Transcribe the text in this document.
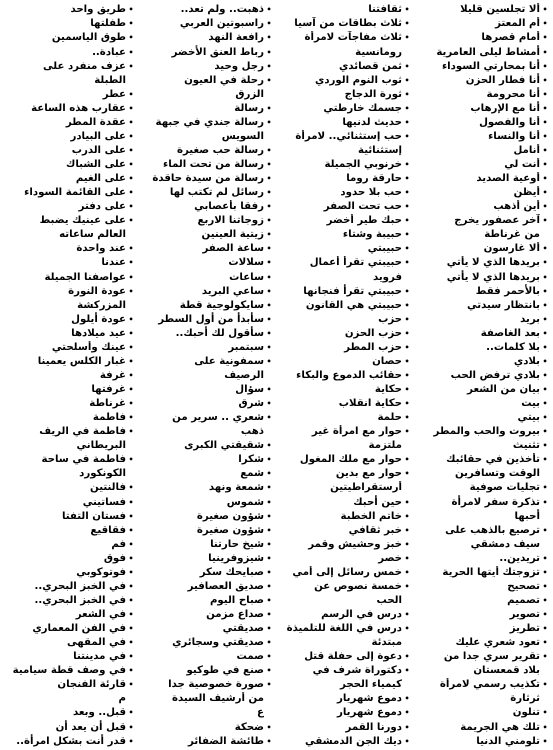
•
ألا تجلسين قليلا
•
أم المعتز
•
أمام قصرها
•
أمشاط ليلى العامرية
•
أنا بمحارتي السوداء
•
أنا فطار الحزن
•
أنا محرومة
•
أنا مع الإرهاب
•
أنا والفصول
•
أنا والنساء
•
أنامل
•
أنت لي
•
أوعية الصديد
•
أيظن
•
أين أذهب
•
آخر عصفور يخرج
من غرناطة
•
ألا غارسون
•
بريدها الذي لا يأتي
•
بريدها الذي لا يأتي
•
بالأحمر فقط
•
بانتظار سيدتي
•
بريد
•
بعد الغاصفة
•
بلا كلمات..
•
بلادي
•
بلادي ترفض الحب
•
بيان من الشعر
•
بيت
•
بيتي
•
بيروت والحب والمطر
•
تثنيث
•
تأخذين في حقائبك
الوقت وتسافرين
•
تجليات صوفية
•
تذكرة سفر لامرأة
أحبها
•
ترصيع بالذهب على
سيف دمشقي
•
تريدين..
•
تزوجتك أيتها الحرية
•
تصحيح
•
تصميم
•
تصوير
•
تطريز
•
تعود شعري عليك
•
تقرير سري جدا من
بلاد قمعستان
•
تكذيب رسمي لامرأة
ثرثارة
•
تنلون
•
تلك هي الجريمة
•
تلومني الدنيا
•
ثقافتنا
•
ثلاث بطاقات من آسيا
•
ثلاث مفاجآت لامرأة
رومانسية
•
ثمن قصائدي
•
ثوب النوم الوردي
•
ثورة الدجاج
•
جسمك خارطتي
•
حديث لدنيها
•
حب إستثنائي.. لامرأة
إستثنائية
•
خرنوبي الجميلة
•
حارقة روما
•
حب بلا حدود
•
حب تحت الصفر
•
حبك طير أخضر
•
حبيبة وشتاء
•
حبيبتي
•
حبيبتي تقرأ أعمال
فرويد
•
حبيبتي تقرأ فنجانها
•
حبيبتي هي القانون
•
حزب
•
حزب الحزن
•
حزب المطر
•
حصان
•
حقائب الدموع والبكاء
•
حكاية
•
حكاية انقلاب
•
حلمة
•
حوار مع امرأة غير
ملتزمة
•
حوار مع ملك المغول
•
حوار مع بدين
أرستقراطيتين
•
حين أحبك
•
خاتم الخطبة
•
خبر ثقافي
•
خبز وحشيش وقمر
•
خصر
•
خمس رسائل إلى أمي
•
خمسة نصوص عن
الحب
•
درس في الرسم
•
درس في اللغة للتلميذة
مبتدئة
•
دعوة إلى حفلة قتل
•
دكتوراة شرف في
كيمياء الحجر
•
دموع شهريار
•
دموع شهريار
•
دورنا القمر
•
ديك الجن الدمشقي
•
ذهبت.. ولم تعد..
•
راسبوتين العربي
•
رافعة النهد
•
رباط العنق الأخضر
•
رجل وحيد
•
رحلة في العيون
الزرق
•
رسالة
•
رسالة جندي في جبهة
السويس
•
رسالة حب صغيرة
•
رسالة من تحت الماء
•
رسالة من سيدة حاقدة
•
رسائل لم تكتب لها
•
رفقا بأعصابي
•
زوجاتنا الاربع
•
زيتية العينين
•
ساعة الصفر
•
سلالات
•
ساعات
•
ساعي البريد
•
سايكولوجية قطة
•
سأبدأ من أول السطر
•
سأقول لك أحبك..
•
سبتمبر
•
سمفونية على
الرصيف
•
سؤال
•
شرق
•
شعري .. سرير من
ذهب
•
شقيقتي الكبرى
•
شكرا
•
شمع
•
شمعة ونهد
•
شموس
•
شؤون صغيرة
•
شؤون صغيرة
•
شيخ حارتنا
•
شيزوفرينيا
•
صبايحك سكر
•
صديق العصافير
•
صباح اليوم
•
صداع مزمن
•
صديقتي
•
صديقتي وسجائري
•
صمت
•
صنع في طوكيو
•
صورة خصوصية جدا
من أرشيف السيدة
ع
•
ضحكة
•
طائشة الضفائر
•
طريق واحد
•
طفلتها
•
طوق الياسمين
•
عبادة..
•
عزف منفرد على
الطبلة
•
عطر
•
عقارب هذه الساعة
•
عقدة المطر
•
على البيادر
•
على الدرب
•
على الشباك
•
على الغيم
•
على القائمة السوداء
•
على دفتر
•
على عينيك يضبط
العالم ساعاته
•
عند واحدة
•
عندنا
•
عواصفنا الجميلة
•
عودة النورة
المزركشة
•
عودة أيلول
•
عيد ميلادها
•
عينك وأسلحتي
•
غبار الكلس يعمينا
•
غرفة
•
غرفتها
•
غرناطة
•
فاطمة
•
فاطمة في الريف
البريطاني
•
فاطمة في ساحة
الكونكورد
•
فالنتين
•
فساتيني
•
فستان التفتا
•
فقاقيع
•
فم
•
فوق
•
فوتوكوبي
•
في الخبز البحري..
•
في الخبز البحري..
•
في الشعر
•
في الفن المعماري
•
في المقهى
•
في مدينتنا
•
في وصف قطة سيامية
•
قارئة الفنجان
م
•
قبل.. وبعد
•
قبل أن يعد أن
•
قدر أنت بشكل امرأة..
